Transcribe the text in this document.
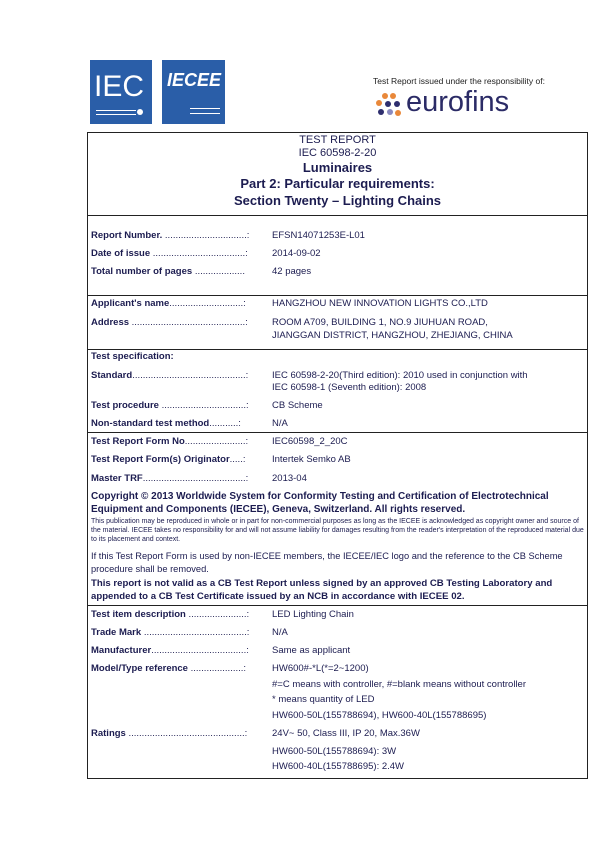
IEC IECEE	Test Report issued under the responsibility of:
eurofins
TEST REPORT
IEC 60598-2-20
Luminaires
Part 2: Particular requirements:
Section Twenty – Lighting Chains
Report Number. ...............................: EFSN14071253E-L01
Date of issue ...................................:	2014-09-02
Total number of pages ...................	42 pages
Applicant's name............................:	HANGZHOU NEW INNOVATION LIGHTS CO.,LTD
Address ...........................................:	ROOM A709, BUILDING 1, NO.9 JIUHUAN ROAD,
JIANGGAN DISTRICT, HANGZHOU, ZHEJIANG, CHINA
Test specification:
Standard...........................................: IEC 60598-2-20(Third edition): 2010 used in conjunction with
IEC 60598-1 (Seventh edition): 2008
Test procedure ................................: CB Scheme
Non-standard test method...........:	N/A
Test Report Form No.......................:	IEC60598_2_20C
Test Report Form(s) Originator.....:	Intertek Semko AB
Master TRF.......................................: 2013-04
Test item description ......................: LED Lighting Chain
Trade Mark .......................................: N/A
Manufacturer....................................: Same as applicant
Model/Type reference ....................:	HW600#-*L(*=2~1200)
#=C means with controller, #=blank means without controller
* means quantity of LED
HW600-50L(155788694), HW600-40L(155788695)
Ratings ............................................:	24V~ 50, Class III, IP 20, Max.36W
HW600-50L(155788694): 3W
HW600-40L(155788695): 2.4W
Copyright © 2013 Worldwide System for Conformity Testing and Certification of Electrotechnical Equipment and Components (IECEE), Geneva, Switzerland. All rights reserved.
This publication may be reproduced in whole or in part for non-commercial purposes as long as the IECEE is acknowledged as copyright owner and source of the material. IECEE takes no responsibility for and will not assume liability for damages resulting from the reader's interpretation of the reproduced material due to its placement and context.
If this Test Report Form is used by non-IECEE members, the IECEE/IEC logo and the reference to the CB Scheme procedure shall be removed.
This report is not valid as a CB Test Report unless signed by an approved CB Testing Laboratory and appended to a CB Test Certificate issued by an NCB in accordance with IECEE 02.
